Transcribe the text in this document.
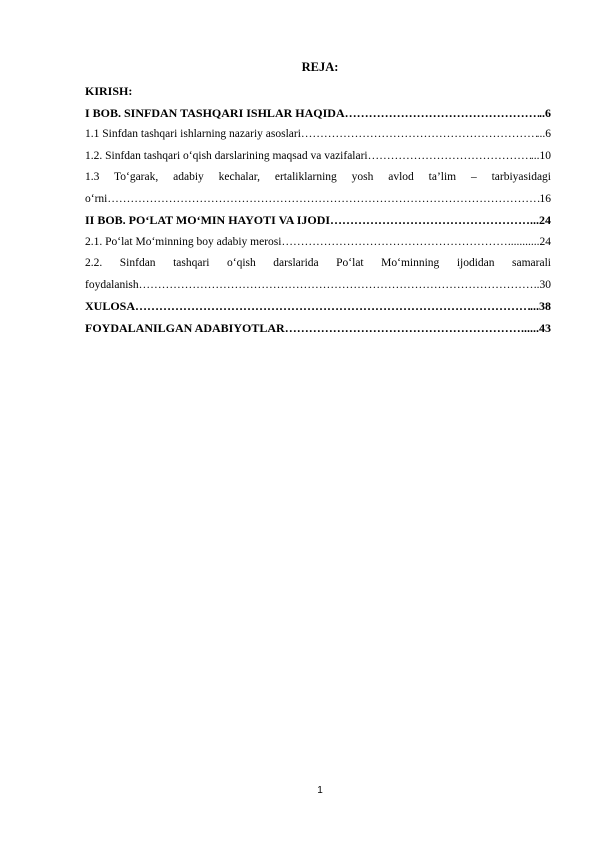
REJA:
KIRISH:
I BOB. SINFDAN TASHQARI ISHLAR HAQIDA ……………………………………………………………………………………………………………………………………………………	..6
1.1 Sinfdan tashqari ishlarning nazariy asoslari ……………………………………………………………………………………………………………………………………………………	...6
1.2. Sinfdan tashqari o‘qish darslarining maqsad va vazifalari ……………………………………………………………………………………………………………………………………………………	...10
1.3 To‘garak, adabiy kechalar, ertaliklarning yosh avlod ta’lim – tarbiyasidagi
o‘rni ……………………………………………………………………………………………………………………………………………………	16
II BOB. PO‘LAT MO‘MIN HAYOTI VA IJODI ……………………………………………………………………………………………………………………………………………………	...24
2.1. Po‘lat Mo‘minning boy adabiy merosi ……………………………………………………………………………………………………………………………………………………	...........24
2.2. Sinfdan tashqari o‘qish darslarida Po‘lat Mo‘minning ijodidan samarali
foydalanish ……………………………………………………………………………………………………………………………………………………	..30
XULOSA ……………………………………………………………………………………………………………………………………………………	...38
FOYDALANILGAN ADABIYOTLAR ……………………………………………………………………………………………………………………………………………………	......43
1
